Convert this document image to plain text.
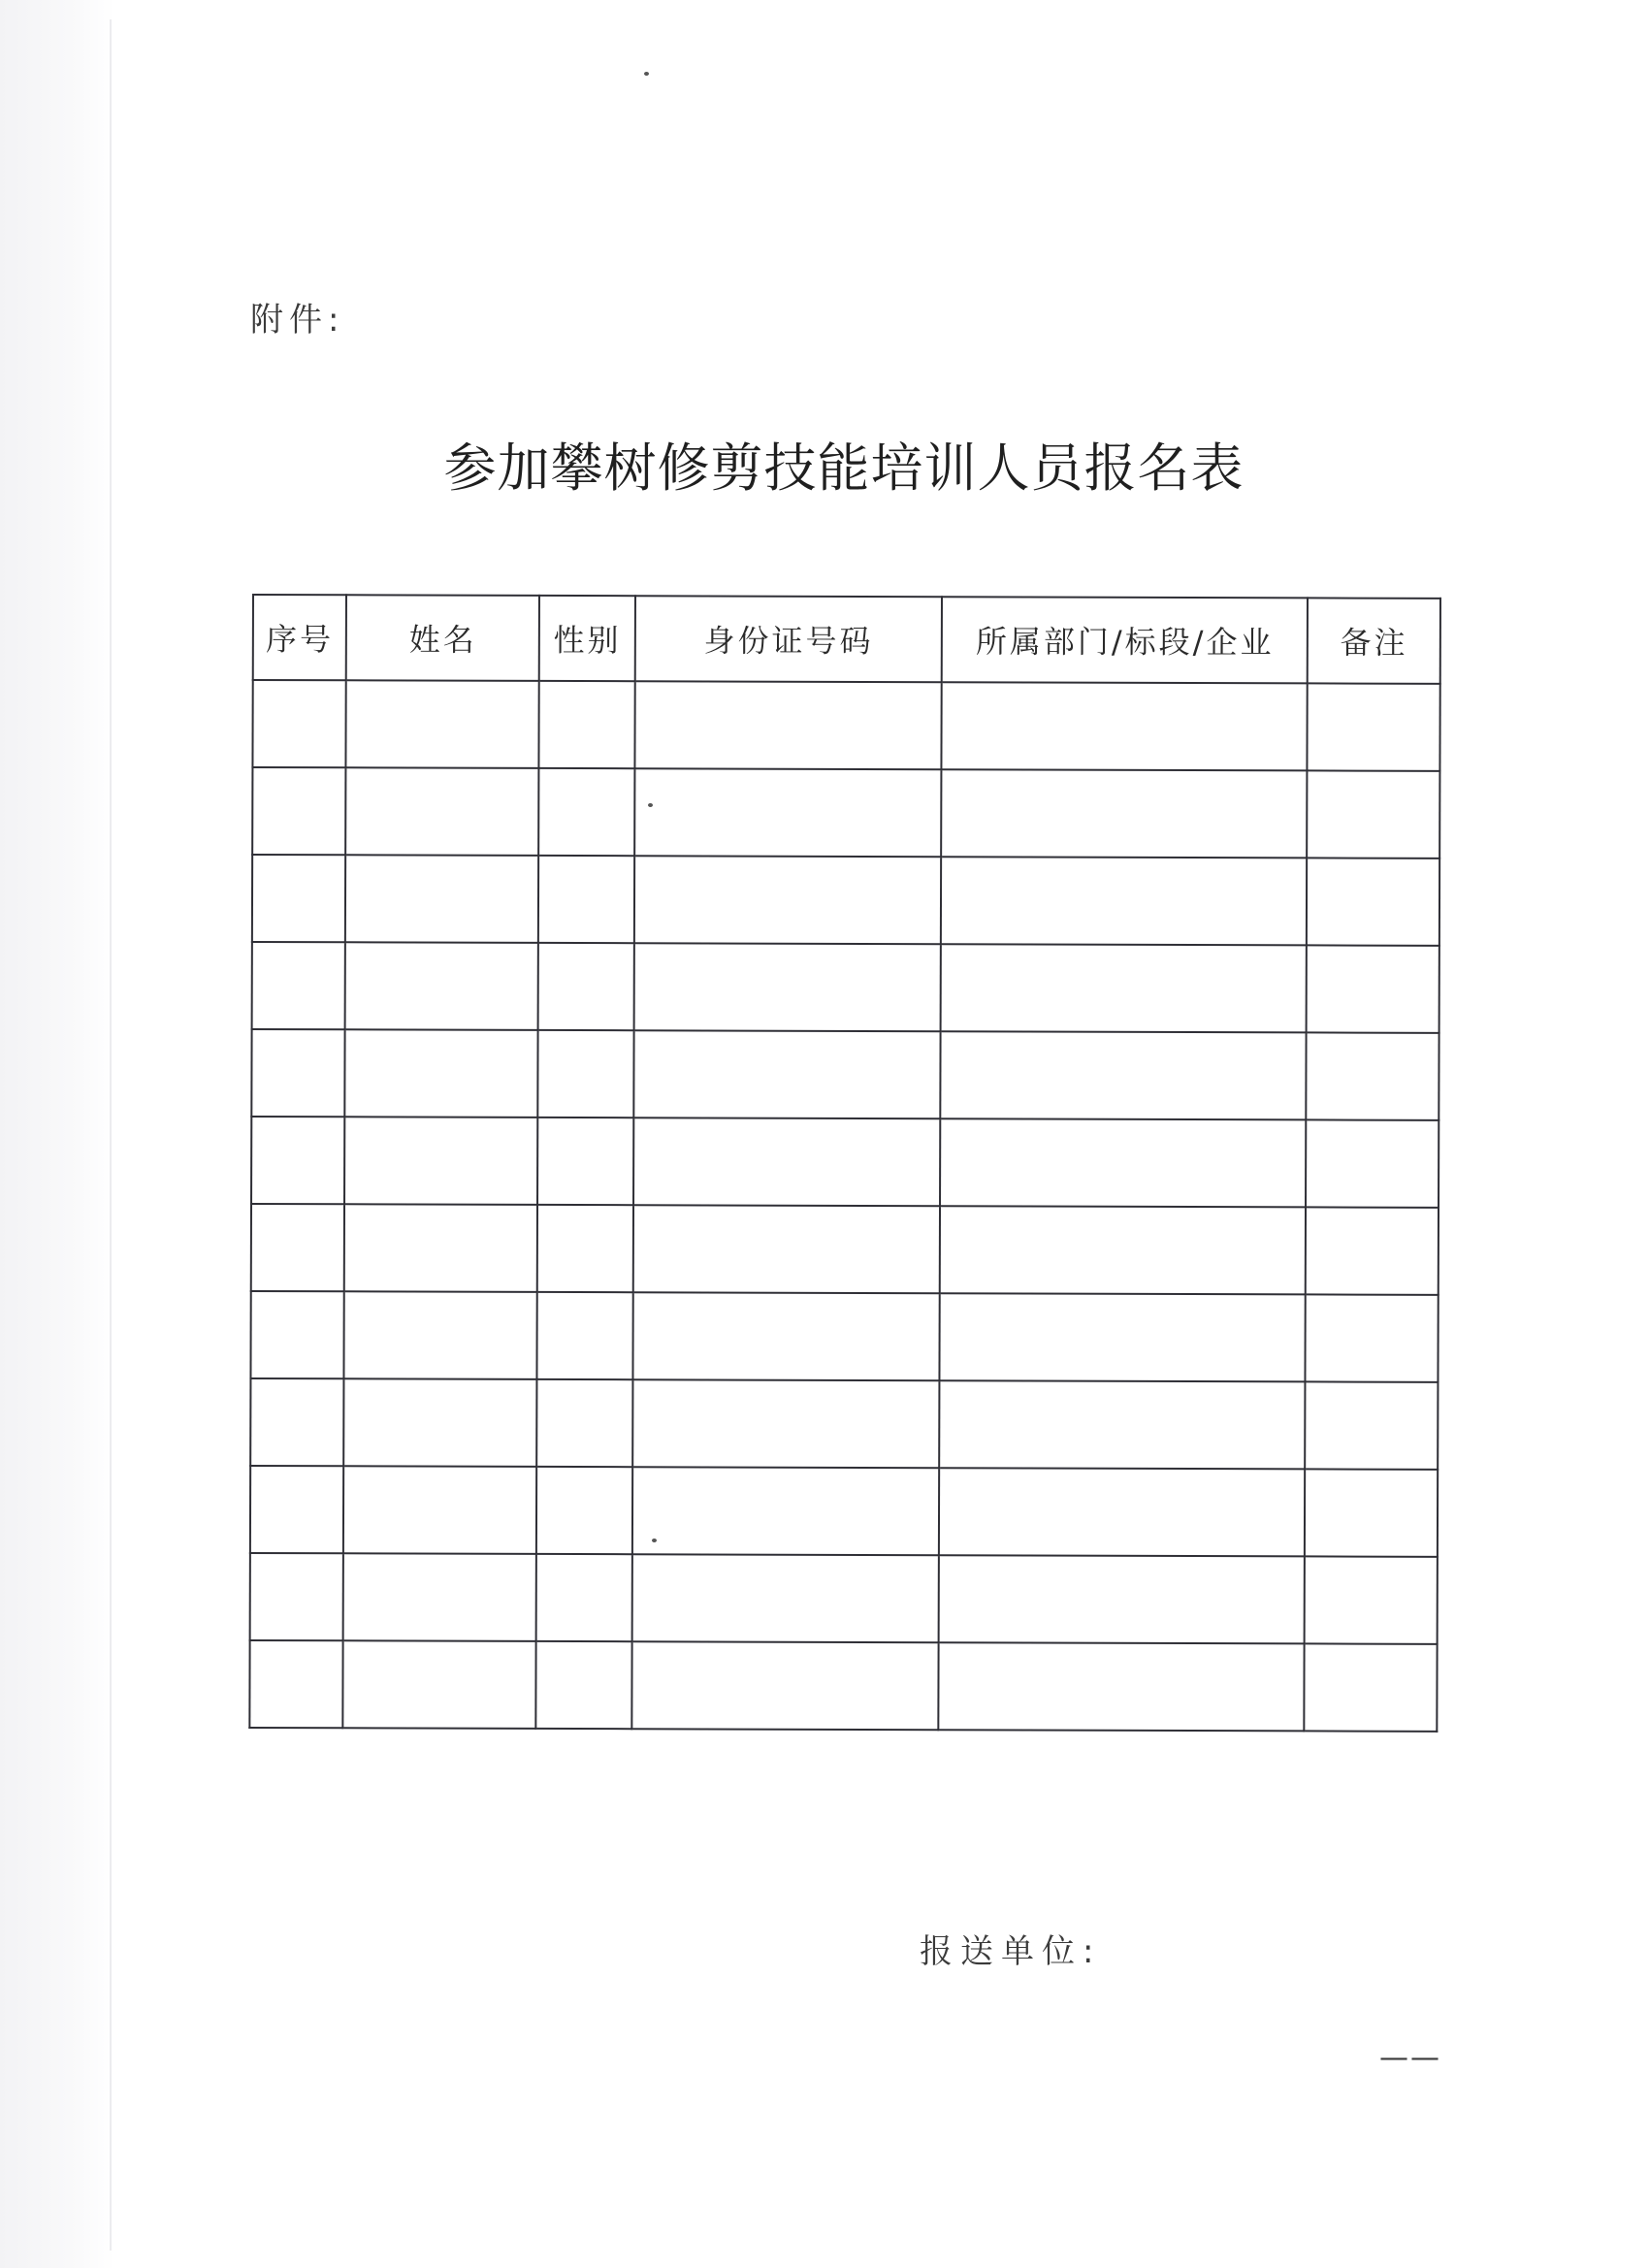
附件:
参加攀树修剪技能培训人员报名表
序号	姓名	性别	身份证号码	所属部门/标段/企业	备注

报送单位:
——
